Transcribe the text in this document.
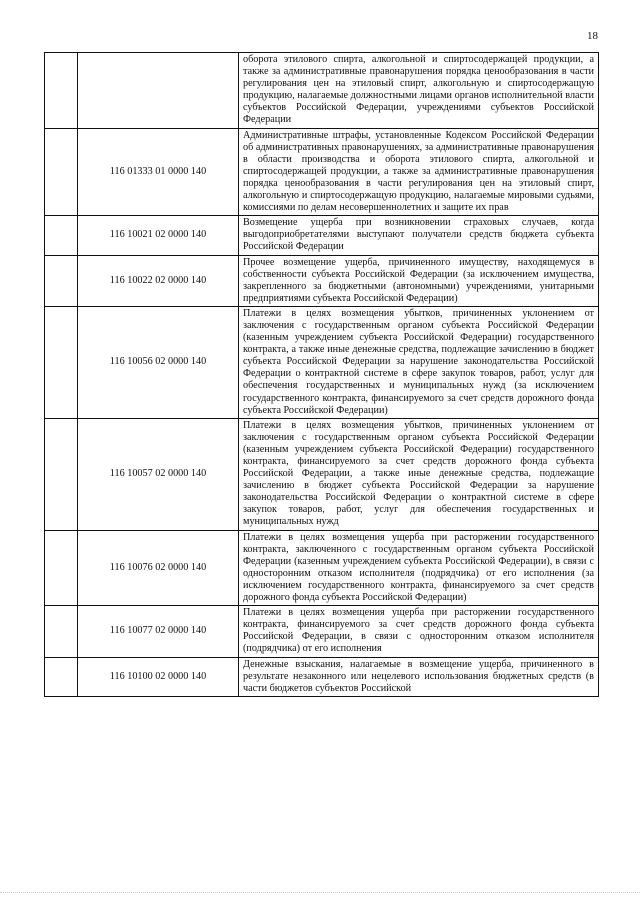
18
		оборота этилового спирта, алкогольной и спиртосодержащей продукции, а также за административные правонарушения порядка ценообразования в части регулирования цен на этиловый спирт, алкогольную и спиртосодержащую продукцию, налагаемые должностными лицами органов исполнительной власти субъектов Российской Федерации, учреждениями субъектов Российской Федерации
	116 01333 01 0000 140	Административные штрафы, установленные Кодексом Российской Федерации об административных правонарушениях, за административные правонарушения в области производства и оборота этилового спирта, алкогольной и спиртосодержащей продукции, а также за административные правонарушения порядка ценообразования в части регулирования цен на этиловый спирт, алкогольную и спиртосодержащую продукцию, налагаемые мировыми судьями, комиссиями по делам несовершеннолетних и защите их прав
	116 10021 02 0000 140	Возмещение ущерба при возникновении страховых случаев, когда выгодоприобретателями выступают получатели средств бюджета субъекта Российской Федерации
	116 10022 02 0000 140	Прочее возмещение ущерба, причиненного имуществу, находящемуся в собственности субъекта Российской Федерации (за исключением имущества, закрепленного за бюджетными (автономными) учреждениями, унитарными предприятиями субъекта Российской Федерации)
	116 10056 02 0000 140	Платежи в целях возмещения убытков, причиненных уклонением от заключения с государственным органом субъекта Российской Федерации (казенным учреждением субъекта Российской Федерации) государственного контракта, а также иные денежные средства, подлежащие зачислению в бюджет субъекта Российской Федерации за нарушение законодательства Российской Федерации о контрактной системе в сфере закупок товаров, работ, услуг для обеспечения государственных и муниципальных нужд (за исключением государственного контракта, финансируемого за счет средств дорожного фонда субъекта Российской Федерации)
	116 10057 02 0000 140	Платежи в целях возмещения убытков, причиненных уклонением от заключения с государственным органом субъекта Российской Федерации (казенным учреждением субъекта Российской Федерации) государственного контракта, финансируемого за счет средств дорожного фонда субъекта Российской Федерации, а также иные денежные средства, подлежащие зачислению в бюджет субъекта Российской Федерации за нарушение законодательства Российской Федерации о контрактной системе в сфере закупок товаров, работ, услуг для обеспечения государственных и муниципальных нужд
	116 10076 02 0000 140	Платежи в целях возмещения ущерба при расторжении государственного контракта, заключенного с государственным органом субъекта Российской Федерации (казенным учреждением субъекта Российской Федерации), в связи с односторонним отказом исполнителя (подрядчика) от его исполнения (за исключением государственного контракта, финансируемого за счет средств дорожного фонда субъекта Российской Федерации)
	116 10077 02 0000 140	Платежи в целях возмещения ущерба при расторжении государственного контракта, финансируемого за счет средств дорожного фонда субъекта Российской Федерации, в связи с односторонним отказом исполнителя (подрядчика) от его исполнения
	116 10100 02 0000 140	Денежные взыскания, налагаемые в возмещение ущерба, причиненного в результате незаконного или нецелевого использования бюджетных средств (в части бюджетов субъектов Российской
